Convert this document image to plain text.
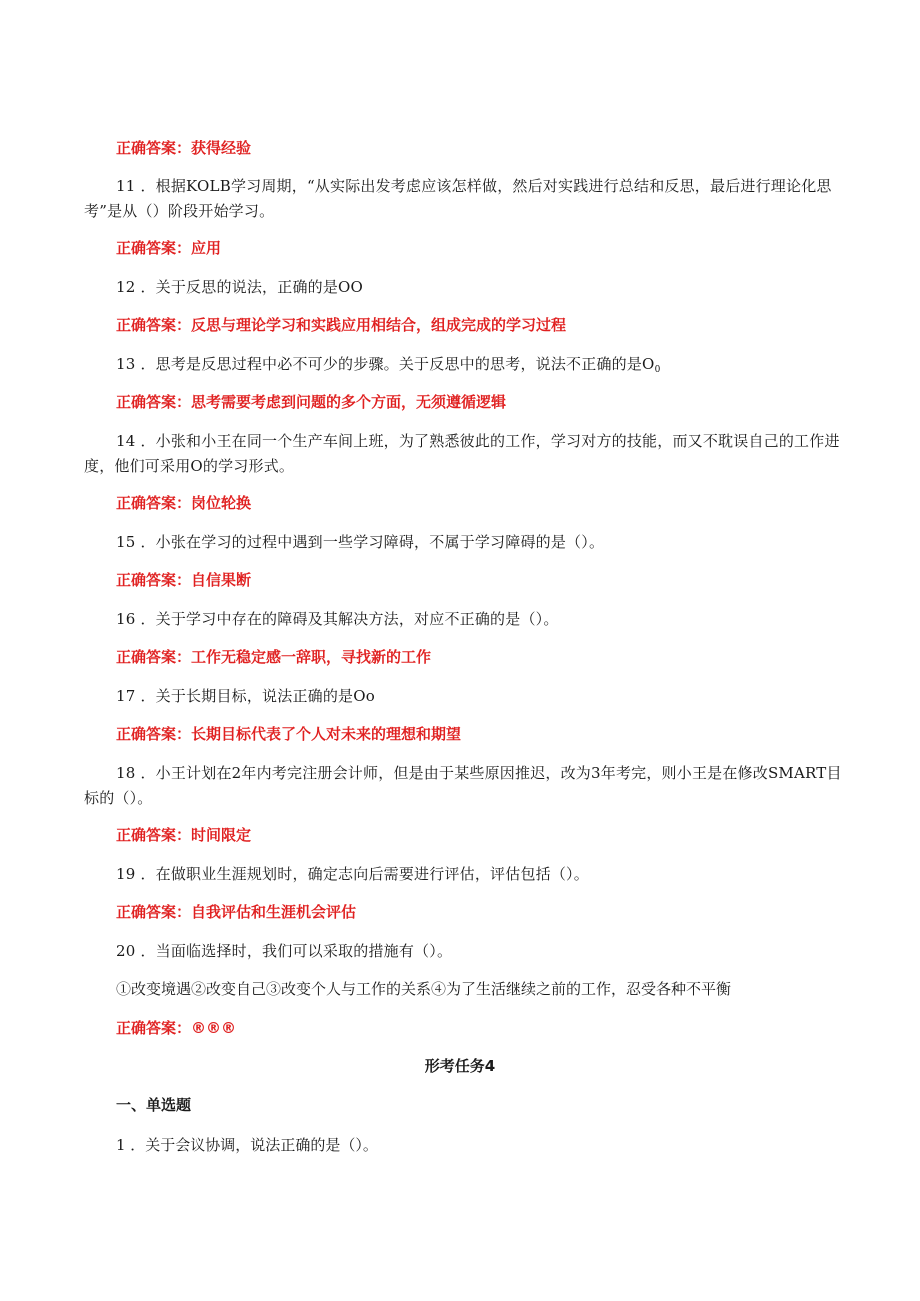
正确答案：获得经验
11 ．根据KOLB学习周期，“从实际出发考虑应该怎样做，然后对实践进行总结和反思，最后进行理论化思考”是从（）阶段开始学习。
正确答案：应用
12 ．关于反思的说法，正确的是OO
正确答案：反思与理论学习和实践应用相结合，组成完成的学习过程
13 ．思考是反思过程中必不可少的步骤。关于反思中的思考，说法不正确的是$O_0$
正确答案：思考需要考虑到问题的多个方面，无须遵循逻辑
14 ．小张和小王在同一个生产车间上班，为了熟悉彼此的工作，学习对方的技能，而又不耽误自己的工作进度，他们可采用O的学习形式。
正确答案：岗位轮换
15 ．小张在学习的过程中遇到一些学习障碍，不属于学习障碍的是（）。
正确答案：自信果断
16 ．关于学习中存在的障碍及其解决方法，对应不正确的是（）。
正确答案：工作无稳定感一辞职，寻找新的工作
17 ．关于长期目标，说法正确的是Oo
正确答案：长期目标代表了个人对未来的理想和期望
18 ．小王计划在2年内考完注册会计师，但是由于某些原因推迟，改为3年考完，则小王是在修改SMART目标的（）。
正确答案：时间限定
19 ．在做职业生涯规划时，确定志向后需要进行评估，评估包括（）。
正确答案：自我评估和生涯机会评估
20 ．当面临选择时，我们可以采取的措施有（）。
①改变境遇②改变自己③改变个人与工作的关系④为了生活继续之前的工作，忍受各种不平衡
正确答案：®®®
形考任务4
一、单选题
1 ．关于会议协调，说法正确的是（）。
